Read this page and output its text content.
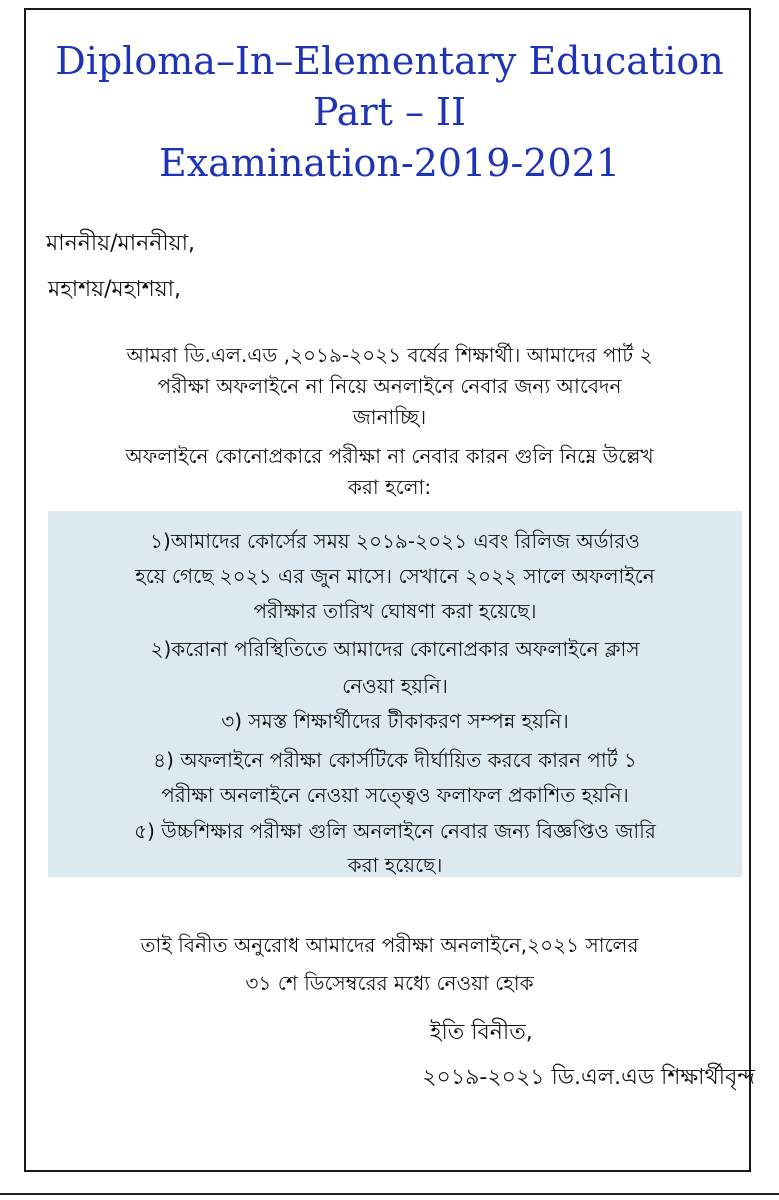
Diploma–In–Elementary Education
Part – II
Examination-2019-2021
মাননীয়/মাননীয়া,
মহাশয়/মহাশয়া,
আমরা ডি.এল.এড ,২০১৯-২০২১ বর্ষের শিক্ষার্থী। আমাদের পার্ট ২
পরীক্ষা অফলাইনে না নিয়ে অনলাইনে নেবার জন্য আবেদন
জানাচ্ছি।
অফলাইনে কোনোপ্রকারে পরীক্ষা না নেবার কারন গুলি নিম্নে উল্লেখ
করা হলো:
১)আমাদের কোর্সের সময় ২০১৯-২০২১ এবং রিলিজ অর্ডারও
হয়ে গেছে ২০২১ এর জুন মাসে। সেখানে ২০২২ সালে অফলাইনে
পরীক্ষার তারিখ ঘোষণা করা হয়েছে।
২)করোনা পরিস্থিতিতে আমাদের কোনোপ্রকার অফলাইনে ক্লাস
নেওয়া হয়নি।
৩) সমস্ত শিক্ষার্থীদের টীকাকরণ সম্পন্ন হয়নি।
৪) অফলাইনে পরীক্ষা কোর্সটিকে দীর্ঘায়িত করবে কারন পার্ট ১
পরীক্ষা অনলাইনে নেওয়া সত্ত্বেও ফলাফল প্রকাশিত হয়নি।
৫) উচ্চশিক্ষার পরীক্ষা গুলি অনলাইনে নেবার জন্য বিজ্ঞপ্তিও জারি
করা হয়েছে।
তাই বিনীত অনুরোধ আমাদের পরীক্ষা অনলাইনে,২০২১ সালের
৩১ শে ডিসেম্বরের মধ্যে নেওয়া হোক
ইতি বিনীত,
২০১৯-২০২১ ডি.এল.এড শিক্ষার্থীবৃন্দ
